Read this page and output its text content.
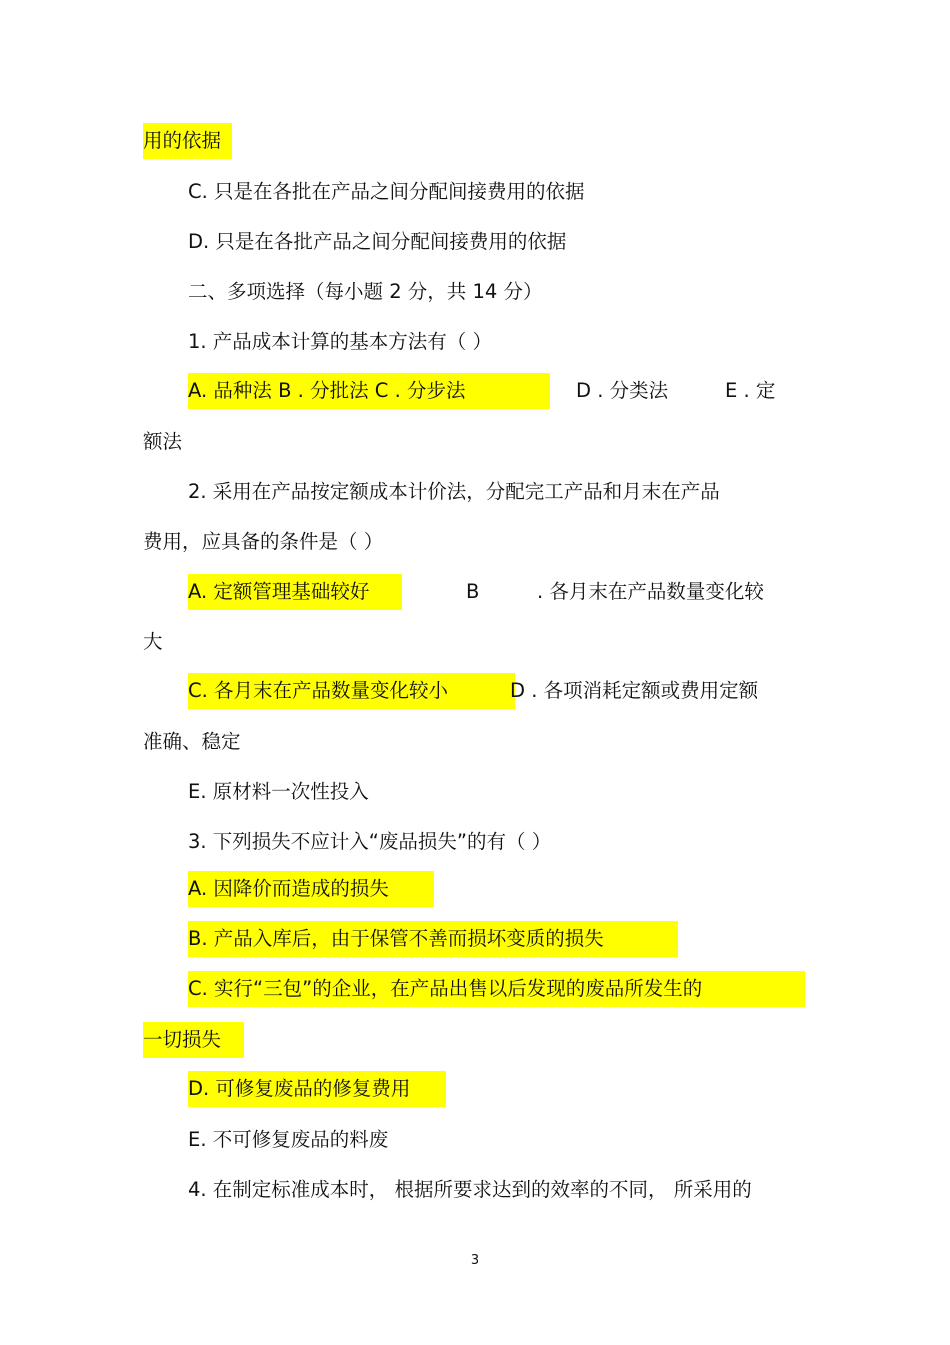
用的依据
C. 只是在各批在产品之间分配间接费用的依据
D. 只是在各批产品之间分配间接费用的依据
二、多项选择（每小题 2 分，共 14 分）
1. 产品成本计算的基本方法有（ ）
A. 品种法 B . 分批法 C . 分步法	D . 分类法	E . 定
额法
2. 采用在产品按定额成本计价法，分配完工产品和月末在产品
费用，应具备的条件是（ ）
A. 定额管理基础较好	B	. 各月末在产品数量变化较
大
C. 各月末在产品数量变化较小	D . 各项消耗定额或费用定额
准确、稳定
E. 原材料一次性投入
3. 下列损失不应计入“废品损失”的有（ ）
A. 因降价而造成的损失
B. 产品入库后，由于保管不善而损坏变质的损失
C. 实行“三包”的企业，在产品出售以后发现的废品所发生的
一切损失
D. 可修复废品的修复费用
E. 不可修复废品的料废
4. 在制定标准成本时， 根据所要求达到的效率的不同， 所采用的
3
